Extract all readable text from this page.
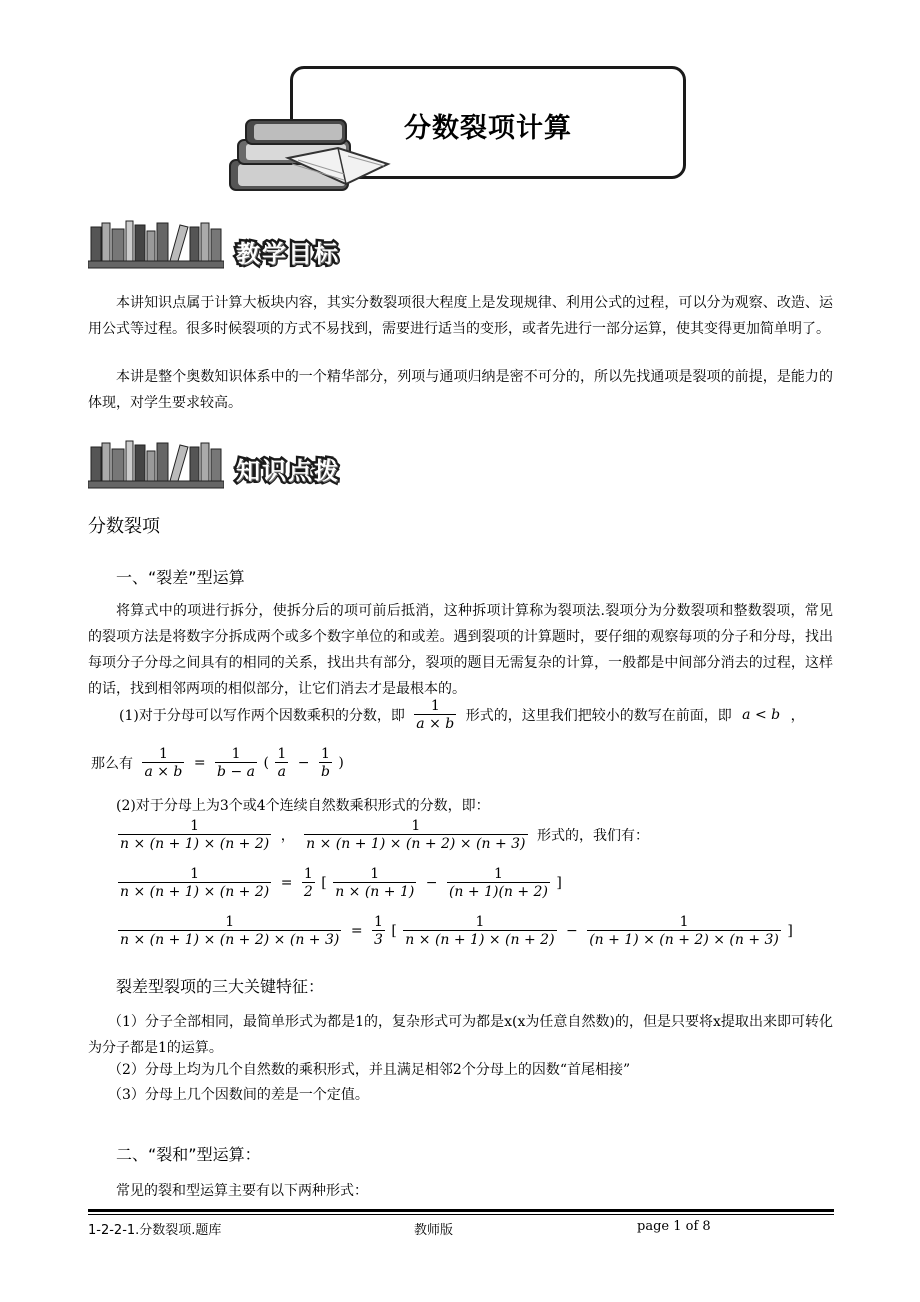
分数裂项计算
教学目标
本讲知识点属于计算大板块内容，其实分数裂项很大程度上是发现规律、利用公式的过程，可以分为观察、改造、运用公式等过程。很多时候裂项的方式不易找到，需要进行适当的变形，或者先进行一部分运算，使其变得更加简单明了。
本讲是整个奥数知识体系中的一个精华部分，列项与通项归纳是密不可分的，所以先找通项是裂项的前提，是能力的体现，对学生要求较高。
知识点拨
分数裂项
一、“裂差”型运算
将算式中的项进行拆分，使拆分后的项可前后抵消，这种拆项计算称为裂项法.裂项分为分数裂项和整数裂项，常见的裂项方法是将数字分拆成两个或多个数字单位的和或差。遇到裂项的计算题时，要仔细的观察每项的分子和分母，找出每项分子分母之间具有的相同的关系，找出共有部分，裂项的题目无需复杂的计算，一般都是中间部分消去的过程，这样的话，找到相邻两项的相似部分，让它们消去才是最根本的。
(1)对于分母可以写作两个因数乘积的分数，即 $\frac{1}{a \times b}$ 形式的，这里我们把较小的数写在前面，即 a < b ，
那么有 $\frac{1}{a \times b} = \frac{1}{b - a}$ ( $\frac{1}{a} - \frac{1}{b}$ )
(2)对于分母上为3个或4个连续自然数乘积形式的分数，即：
$\frac{1}{n \times (n + 1) \times (n + 2)}$ ， $\frac{1}{n \times (n + 1) \times (n + 2) \times (n + 3)}$ 形式的，我们有：
$\frac{1}{n \times (n + 1) \times (n + 2)} = \frac{1}{2}$ [ $\frac{1}{n \times (n + 1)} - \frac{1}{(n + 1)(n + 2)}$ ]
$\frac{1}{n \times (n + 1) \times (n + 2) \times (n + 3)} = \frac{1}{3}$ [ $\frac{1}{n \times (n + 1) \times (n + 2)} - \frac{1}{(n + 1) \times (n + 2) \times (n + 3)}$ ]
裂差型裂项的三大关键特征：
（1）分子全部相同，最简单形式为都是1的，复杂形式可为都是x(x为任意自然数)的，但是只要将x提取出来即可转化为分子都是1的运算。
（2）分母上均为几个自然数的乘积形式，并且满足相邻2个分母上的因数“首尾相接”
（3）分母上几个因数间的差是一个定值。
二、“裂和”型运算：
常见的裂和型运算主要有以下两种形式：
1-2-2-1.分数裂项.题库	教师版	page 1 of 8
